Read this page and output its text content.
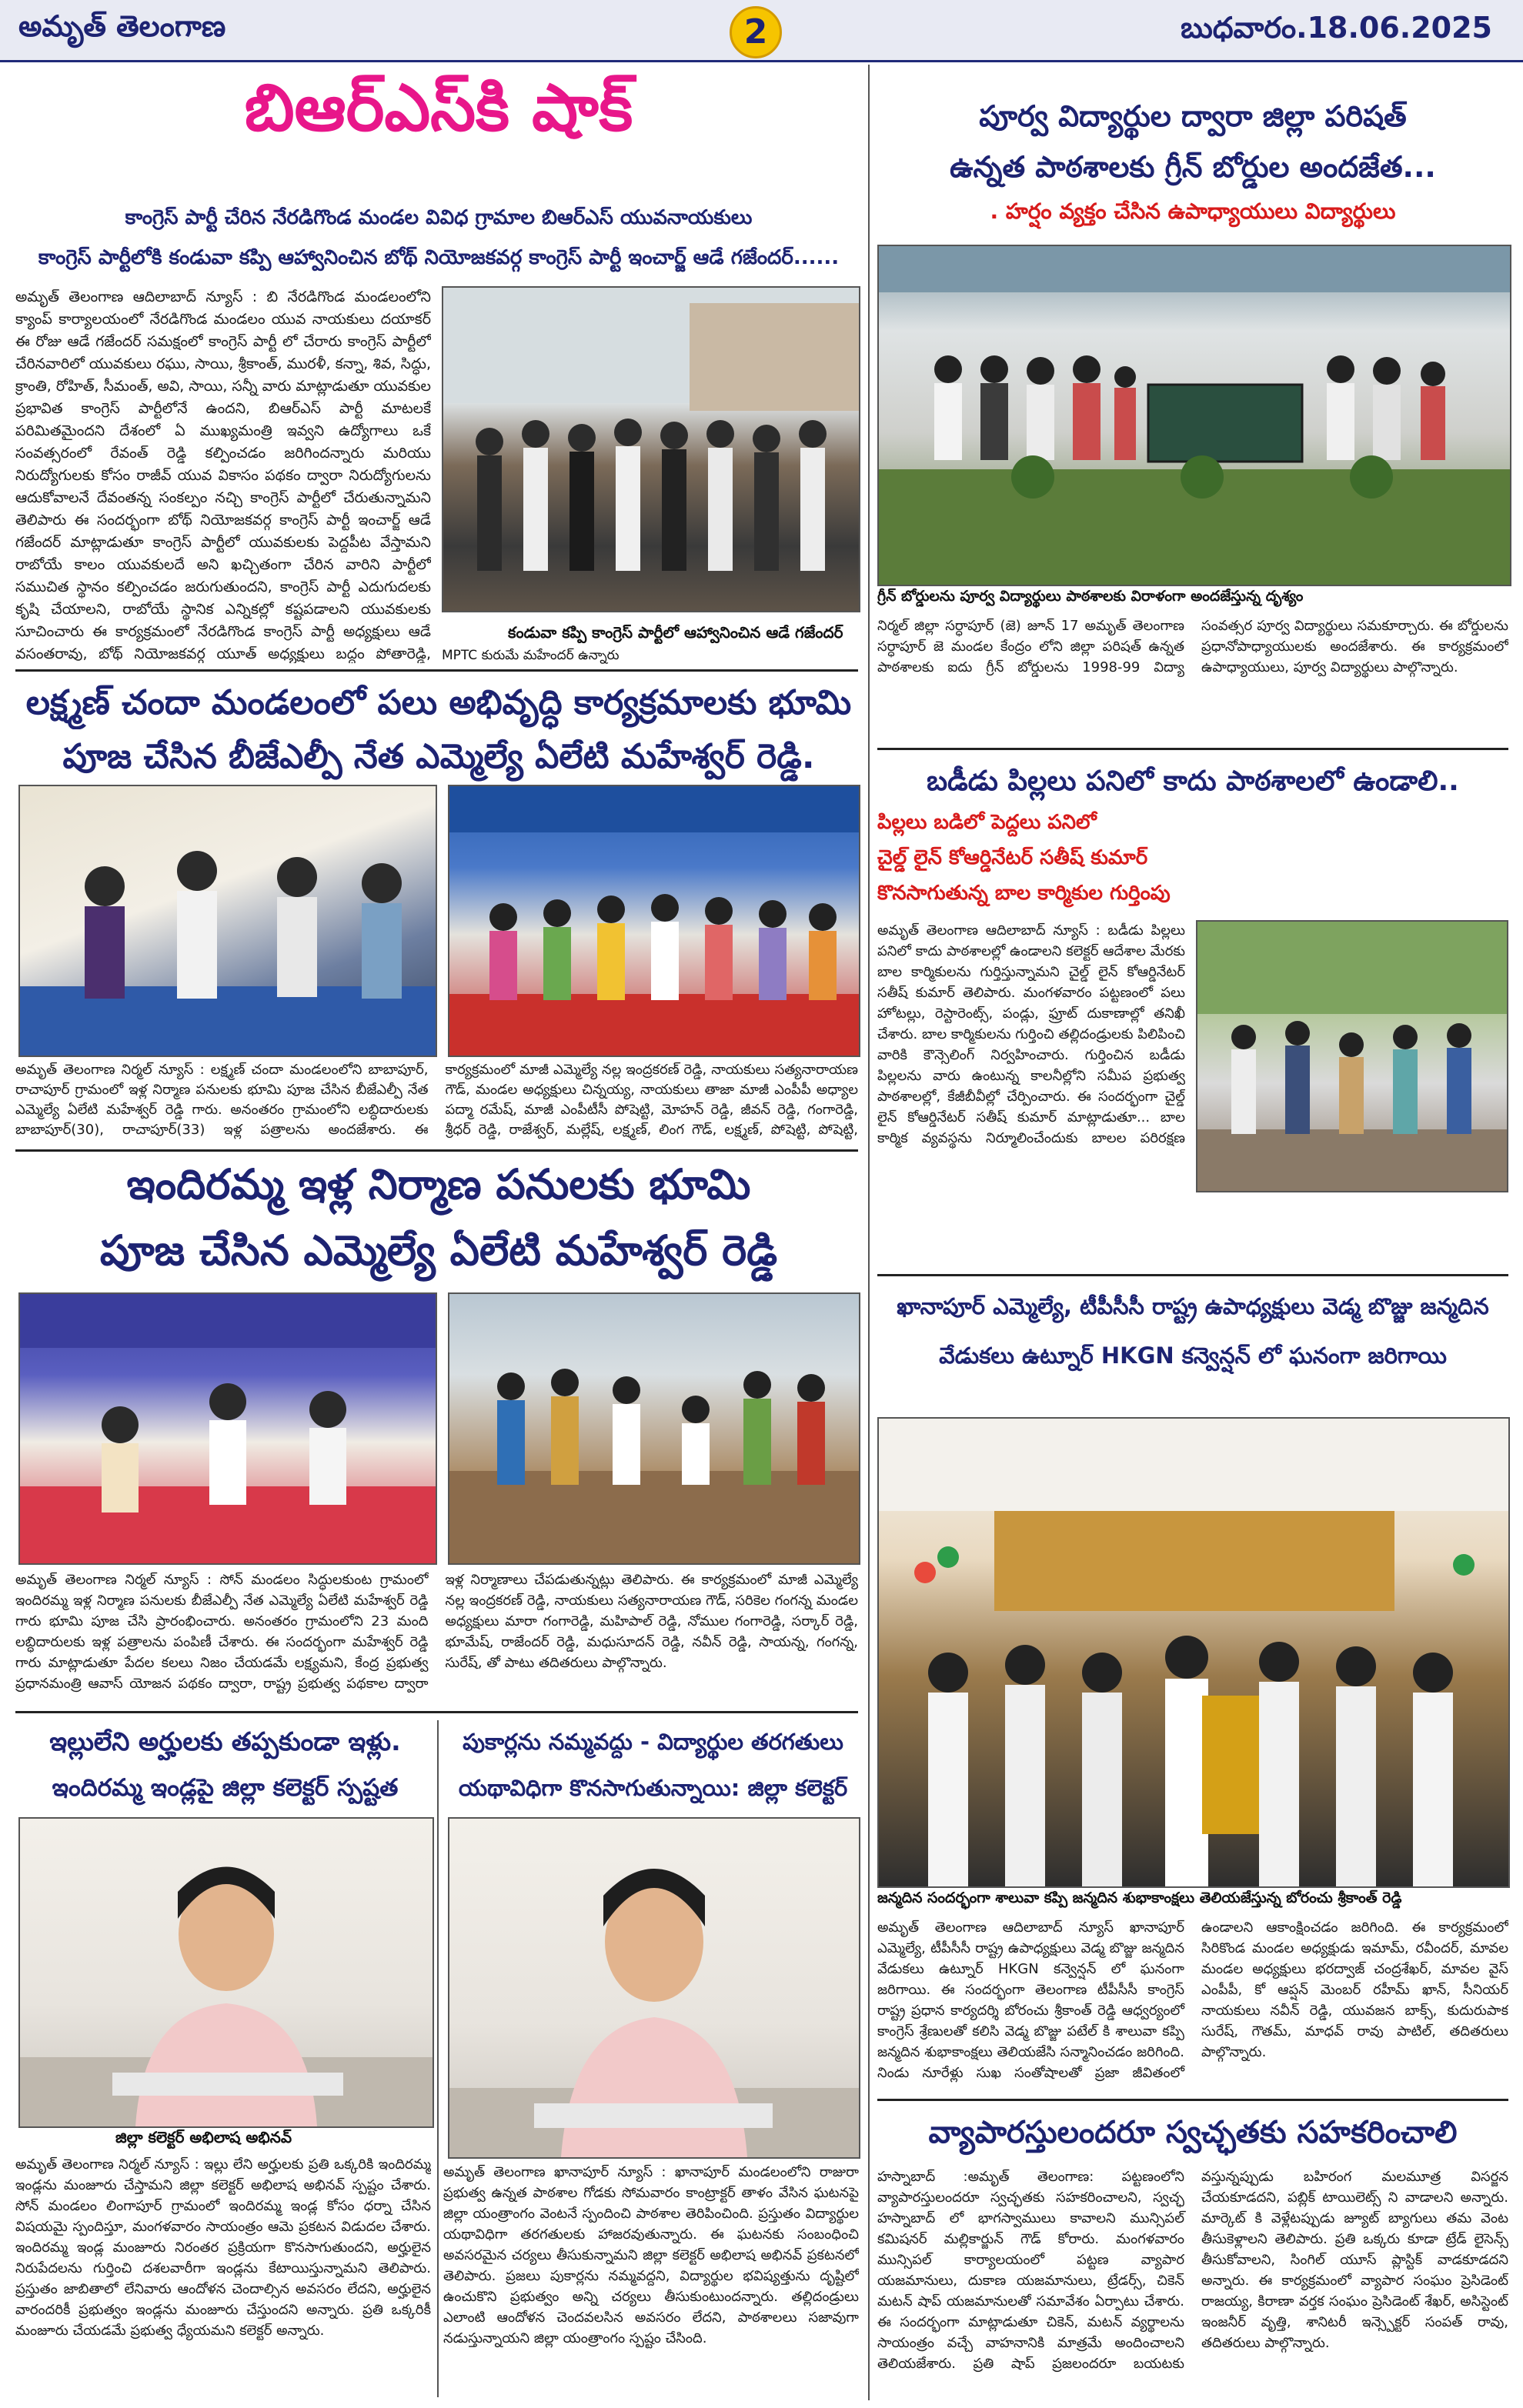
అమృత్ తెలంగాణ	2	బుధవారం.18.06.2025
బిఆర్ఎస్‌కి షాక్
కాంగ్రెస్ పార్టీ చేరిన నేరడిగొండ మండల వివిధ గ్రామాల బిఆర్ఎస్ యువనాయకులు
కాంగ్రెస్ పార్టీలోకి కండువా కప్పి ఆహ్వానించిన బోథ్ నియోజకవర్గ కాంగ్రెస్ పార్టీ ఇంచార్జ్ ఆడే గజేందర్......
అమృత్ తెలంగాణ ఆదిలాబాద్ న్యూస్ : బి నేరడిగొండ మండలంలోని క్యాంప్ కార్యాలయంలో నేరడిగొండ మండలం యువ నాయకులు దయాకర్ ఈ రోజు ఆడే గజేందర్ సమక్షంలో కాంగ్రెస్ పార్టీ లో చేరారు కాంగ్రెస్ పార్టీలో చేరినవారిలో యువకులు రఘు, సాయి, శ్రీకాంత్, మురళీ, కన్నా, శివ, సిద్ధు, క్రాంతి, రోహిత్, సీమంత్, అవి, సాయి, సన్నీ వారు మాట్లాడుతూ యువకుల ప్రభావిత కాంగ్రెస్ పార్టీలోనే ఉందని, బిఆర్ఎస్ పార్టీ మాటలకే పరిమితమైందని దేశంలో ఏ ముఖ్యమంత్రి ఇవ్వని ఉద్యోగాలు ఒకే సంవత్సరంలో రేవంత్ రెడ్డి కల్పించడం జరిగిందన్నారు మరియు నిరుద్యోగులకు కోసం రాజీవ్ యువ వికాసం పథకం ద్వారా నిరుద్యోగులను ఆదుకోవాలనే దేవంతన్న సంకల్పం నచ్చి కాంగ్రెస్ పార్టీలో చేరుతున్నామని తెలిపారు ఈ సందర్భంగా బోథ్ నియోజకవర్గ కాంగ్రెస్ పార్టీ ఇంచార్జ్ ఆడే గజేందర్ మాట్లాడుతూ కాంగ్రెస్ పార్టీలో యువకులకు పెద్దపీట వేస్తామని రాబోయే కాలం యువకులదే అని ఖచ్చితంగా చేరిన వారిని పార్టీలో సముచిత స్థానం కల్పించడం జరుగుతుందని, కాంగ్రెస్ పార్టీ ఎదుగుదలకు కృషి చేయాలని, రాబోయే స్థానిక ఎన్నికల్లో కష్టపడాలని యువకులకు సూచించారు ఈ కార్యక్రమంలో నేరడిగొండ కాంగ్రెస్ పార్టీ అధ్యక్షులు ఆడే వసంతరావు, బోథ్ నియోజకవర్గ యూత్ అధ్యక్షులు బద్దం పోతారెడ్డి,
కండువా కప్పి కాంగ్రెస్ పార్టీలో ఆహ్వానించిన ఆడే గజేందర్
MPTC కురుమే మహేందర్ ఉన్నారు
లక్ష్మణ్ చందా మండలంలో పలు అభివృద్ధి కార్యక్రమాలకు భూమి
పూజ చేసిన బీజేఎల్పీ నేత ఎమ్మెల్యే ఏలేటి మహేశ్వర్ రెడ్డి.
అమృత్ తెలంగాణ నిర్మల్ న్యూస్ : లక్ష్మణ్ చందా మండలంలోని బాబాపూర్, రాచాపూర్ గ్రామంలో ఇళ్ల నిర్మాణ పనులకు భూమి పూజ చేసిన బీజేఎల్పీ నేత ఎమ్మెల్యే ఏలేటి మహేశ్వర్ రెడ్డి గారు. అనంతరం గ్రామంలోని లబ్ధిదారులకు బాబాపూర్(30), రాచాపూర్(33) ఇళ్ల పత్రాలను అందజేశారు. ఈ కార్యక్రమంలో మాజీ ఎమ్మెల్యే నల్ల ఇంద్రకరణ్ రెడ్డి, నాయకులు సత్యనారాయణ గౌడ్, మండల అధ్యక్షులు చిన్నయ్య, నాయకులు తాజా మాజీ ఎంపీపీ అధ్యాల పద్మా రమేష్, మాజీ ఎంపీటీసీ పోషెట్టి, మోహన్ రెడ్డి, జీవన్ రెడ్డి, గంగారెడ్డి, శ్రీధర్ రెడ్డి, రాజేశ్వర్, మల్లేష్, లక్ష్మణ్, లింగ గౌడ్, లక్ష్మణ్, పోషెట్టి, పోషెట్టి,
ఇందిరమ్మ ఇళ్ల నిర్మాణ పనులకు భూమి
పూజ చేసిన ఎమ్మెల్యే ఏలేటి మహేశ్వర్ రెడ్డి
అమృత్ తెలంగాణ నిర్మల్ న్యూస్ : సోన్ మండలం సిద్ధులకుంట గ్రామంలో ఇందిరమ్మ ఇళ్ల నిర్మాణ పనులకు బీజేఎల్పీ నేత ఎమ్మెల్యే ఏలేటి మహేశ్వర్ రెడ్డి గారు భూమి పూజ చేసి ప్రారంభించారు. అనంతరం గ్రామంలోని 23 మంది లబ్ధిదారులకు ఇళ్ల పత్రాలను పంపిణీ చేశారు. ఈ సందర్భంగా మహేశ్వర్ రెడ్డి గారు మాట్లాడుతూ పేదల కలలు నిజం చేయడమే లక్ష్యమని, కేంద్ర ప్రభుత్వ ప్రధానమంత్రి ఆవాస్ యోజన పథకం ద్వారా, రాష్ట్ర ప్రభుత్వ పథకాల ద్వారా ఇళ్ల నిర్మాణాలు చేపడుతున్నట్లు తెలిపారు. ఈ కార్యక్రమంలో మాజీ ఎమ్మెల్యే నల్ల ఇంద్రకరణ్ రెడ్డి, నాయకులు సత్యనారాయణ గౌడ్, సరికెల గంగన్న మండల అధ్యక్షులు మారా గంగారెడ్డి, మహిపాల్ రెడ్డి, నోముల గంగారెడ్డి, సర్కార్ రెడ్డి, భూమేష్, రాజేందర్ రెడ్డి, మధుసూదన్ రెడ్డి, నవీన్ రెడ్డి, సాయన్న, గంగన్న, సురేష్, తో పాటు తదితరులు పాల్గొన్నారు.
ఇల్లులేని అర్హులకు తప్పకుండా ఇళ్లు.
ఇందిరమ్మ ఇండ్లపై జిల్లా కలెక్టర్ స్పష్టత
జిల్లా కలెక్టర్ అభిలాష అభినవ్
అమృత్ తెలంగాణ నిర్మల్ న్యూస్ : ఇల్లు లేని అర్హులకు ప్రతి ఒక్కరికి ఇందిరమ్మ ఇండ్లను మంజూరు చేస్తామని జిల్లా కలెక్టర్ అభిలాష అభినవ్ స్పష్టం చేశారు. సోన్ మండలం లింగాపూర్ గ్రామంలో ఇందిరమ్మ ఇండ్ల కోసం ధర్నా చేసిన విషయమై స్పందిస్తూ, మంగళవారం సాయంత్రం ఆమె ప్రకటన విడుదల చేశారు. ఇందిరమ్మ ఇండ్ల మంజూరు నిరంతర ప్రక్రియగా కొనసాగుతుందని, అర్హులైన నిరుపేదలను గుర్తించి దశలవారీగా ఇండ్లను కేటాయిస్తున్నామని తెలిపారు. ప్రస్తుతం జాబితాలో లేనివారు ఆందోళన చెందాల్సిన అవసరం లేదని, అర్హులైన వారందరికీ ప్రభుత్వం ఇండ్లను మంజూరు చేస్తుందని అన్నారు. ప్రతి ఒక్కరికీ మంజూరు చేయడమే ప్రభుత్వ ధ్యేయమని కలెక్టర్ అన్నారు.
పుకార్లను నమ్మవద్దు - విద్యార్థుల తరగతులు
యథావిధిగా కొనసాగుతున్నాయి: జిల్లా కలెక్టర్
అమృత్ తెలంగాణ ఖానాపూర్ న్యూస్ : ఖానాపూర్ మండలంలోని రాజురా ప్రభుత్వ ఉన్నత పాఠశాల గోడకు సోమవారం కాంట్రాక్టర్ తాళం వేసిన ఘటనపై జిల్లా యంత్రాంగం వెంటనే స్పందించి పాఠశాల తెరిపించింది. ప్రస్తుతం విద్యార్థుల యథావిధిగా తరగతులకు హాజరవుతున్నారు. ఈ ఘటనకు సంబంధించి అవసరమైన చర్యలు తీసుకున్నామని జిల్లా కలెక్టర్ అభిలాష అభినవ్ ప్రకటనలో తెలిపారు. ప్రజలు పుకార్లను నమ్మవద్దని, విద్యార్థుల భవిష్యత్తును దృష్టిలో ఉంచుకొని ప్రభుత్వం అన్ని చర్యలు తీసుకుంటుందన్నారు. తల్లిదండ్రులు ఎలాంటి ఆందోళన చెందవలసిన అవసరం లేదని, పాఠశాలలు సజావుగా నడుస్తున్నాయని జిల్లా యంత్రాంగం స్పష్టం చేసింది.
పూర్వ విద్యార్థుల ద్వారా జిల్లా పరిషత్
ఉన్నత పాఠశాలకు గ్రీన్ బోర్డుల అందజేత...
. హర్షం వ్యక్తం చేసిన ఉపాధ్యాయులు విద్యార్థులు
గ్రీన్ బోర్డులను పూర్వ విద్యార్థులు పాఠశాలకు విరాళంగా అందజేస్తున్న దృశ్యం
నిర్మల్ జిల్లా సర్ధాపూర్ (జె) జూన్ 17 అమృత్ తెలంగాణ సర్ధాపూర్ జె మండల కేంద్రం లోని జిల్లా పరిషత్ ఉన్నత పాఠశాలకు ఐదు గ్రీన్ బోర్డులను 1998-99 విద్యా సంవత్సర పూర్వ విద్యార్థులు సమకూర్చారు. ఈ బోర్డులను ప్రధానోపాధ్యాయులకు అందజేశారు. ఈ కార్యక్రమంలో ఉపాధ్యాయులు, పూర్వ విద్యార్థులు పాల్గొన్నారు.
బడీడు పిల్లలు పనిలో కాదు పాఠశాలలో ఉండాలి..
పిల్లలు బడిలో పెద్దలు పనిలో
చైల్డ్ లైన్ కోఆర్డినేటర్ సతీష్ కుమార్
కొనసాగుతున్న బాల కార్మికుల గుర్తింపు
అమృత్ తెలంగాణ ఆదిలాబాద్ న్యూస్ : బడీడు పిల్లలు పనిలో కాదు పాఠశాలల్లో ఉండాలని కలెక్టర్ ఆదేశాల మేరకు బాల కార్మికులను గుర్తిస్తున్నామని చైల్డ్ లైన్ కోఆర్డినేటర్ సతీష్ కుమార్ తెలిపారు. మంగళవారం పట్టణంలో పలు హోటల్లు, రెస్టారెంట్స్, పండ్లు, ఫ్రూట్ దుకాణాల్లో తనిఖీ చేశారు. బాల కార్మికులను గుర్తించి తల్లిదండ్రులకు పిలిపించి వారికి కౌన్సెలింగ్ నిర్వహించారు. గుర్తించిన బడీడు పిల్లలను వారు ఉంటున్న కాలనీల్లోని సమీప ప్రభుత్వ పాఠశాలల్లో, కేజీబీవీల్లో చేర్పించారు. ఈ సందర్భంగా చైల్డ్ లైన్ కోఆర్డినేటర్ సతీష్ కుమార్ మాట్లాడుతూ... బాల కార్మిక వ్యవస్థను నిర్మూలించేందుకు బాలల పరిరక్షణ
ఖానాపూర్ ఎమ్మెల్యే, టీపీసీసీ రాష్ట్ర ఉపాధ్యక్షులు వెడ్మ బొజ్జు జన్మదిన
వేడుకలు ఉట్నూర్ HKGN కన్వెన్షన్ లో ఘనంగా జరిగాయి
జన్మదిన సందర్భంగా శాలువా కప్పి జన్మదిన శుభాకాంక్షలు తెలియజేస్తున్న బోరంచు శ్రీకాంత్ రెడ్డి
అమృత్ తెలంగాణ ఆదిలాబాద్ న్యూస్ ఖానాపూర్ ఎమ్మెల్యే, టీపీసీసీ రాష్ట్ర ఉపాధ్యక్షులు వెడ్మ బొజ్జు జన్మదిన వేడుకలు ఉట్నూర్ HKGN కన్వెన్షన్ లో ఘనంగా జరిగాయి. ఈ సందర్భంగా తెలంగాణ టీపీసీసీ కాంగ్రెస్ రాష్ట్ర ప్రధాన కార్యదర్శి బోరంచు శ్రీకాంత్ రెడ్డి ఆధ్వర్యంలో కాంగ్రెస్ శ్రేణులతో కలిసి వెడ్మ బొజ్జు పటేల్ కి శాలువా కప్పి జన్మదిన శుభాకాంక్షలు తెలియజేసి సన్మానించడం జరిగింది. నిండు నూరేళ్లు సుఖ సంతోషాలతో ప్రజా జీవితంలో ఉండాలని ఆకాంక్షించడం జరిగింది. ఈ కార్యక్రమంలో సిరికొండ మండల అధ్యక్షుడు ఇమామ్, రవీందర్, మావల మండల అధ్యక్షులు భరద్వాజ్ చంద్రశేఖర్, మావల వైస్ ఎంపీపీ, కో ఆప్షన్ మెంబర్ రహీమ్ ఖాన్, సీనియర్ నాయకులు నవీన్ రెడ్డి, యువజన బాక్స్, కుదురుపాక సురేష్, గౌతమ్, మాధవ్ రావు పాటిల్, తదితరులు పాల్గొన్నారు.
వ్యాపారస్తులందరూ స్వచ్ఛతకు సహకరించాలి
హస్నాబాద్ :అమృత్ తెలంగాణ: పట్టణంలోని వ్యాపారస్తులందరూ స్వచ్ఛతకు సహకరించాలని, స్వచ్ఛ హస్నాబాద్ లో భాగస్వాములు కావాలని మున్సిపల్ కమిషనర్ మల్లికార్జున్ గౌడ్ కోరారు. మంగళవారం మున్సిపల్ కార్యాలయంలో పట్టణ వ్యాపార యజమానులు, దుకాణ యజమానులు, ట్రేడర్స్, చికెన్ మటన్ షాప్ యజమానులతో సమావేశం ఏర్పాటు చేశారు. ఈ సందర్భంగా మాట్లాడుతూ చికెన్, మటన్ వ్యర్థాలను సాయంత్రం వచ్చే వాహనానికి మాత్రమే అందించాలని తెలియజేశారు. ప్రతి షాప్ ప్రజలందరూ బయటకు వస్తున్నప్పుడు బహిరంగ మలమూత్ర విసర్జన చేయకూడదని, పబ్లిక్ టాయిలెట్స్ ని వాడాలని అన్నారు. మార్కెట్ కి వెళ్లేటప్పుడు జ్యూట్ బ్యాగులు తమ వెంట తీసుకెళ్లాలని తెలిపారు. ప్రతి ఒక్కరు కూడా ట్రేడ్ లైసెన్స్ తీసుకోవాలని, సింగిల్ యూస్ ప్లాస్టిక్ వాడకూడదని అన్నారు. ఈ కార్యక్రమంలో వ్యాపార సంఘం ప్రెసిడెంట్ రాజయ్య, కిరాణా వర్తక సంఘం ప్రెసిడెంట్ శేఖర్, అసిస్టెంట్ ఇంజనీర్ వృత్తి, శానిటరీ ఇన్స్పెక్టర్ సంపత్ రావు, తదితరులు పాల్గొన్నారు.
